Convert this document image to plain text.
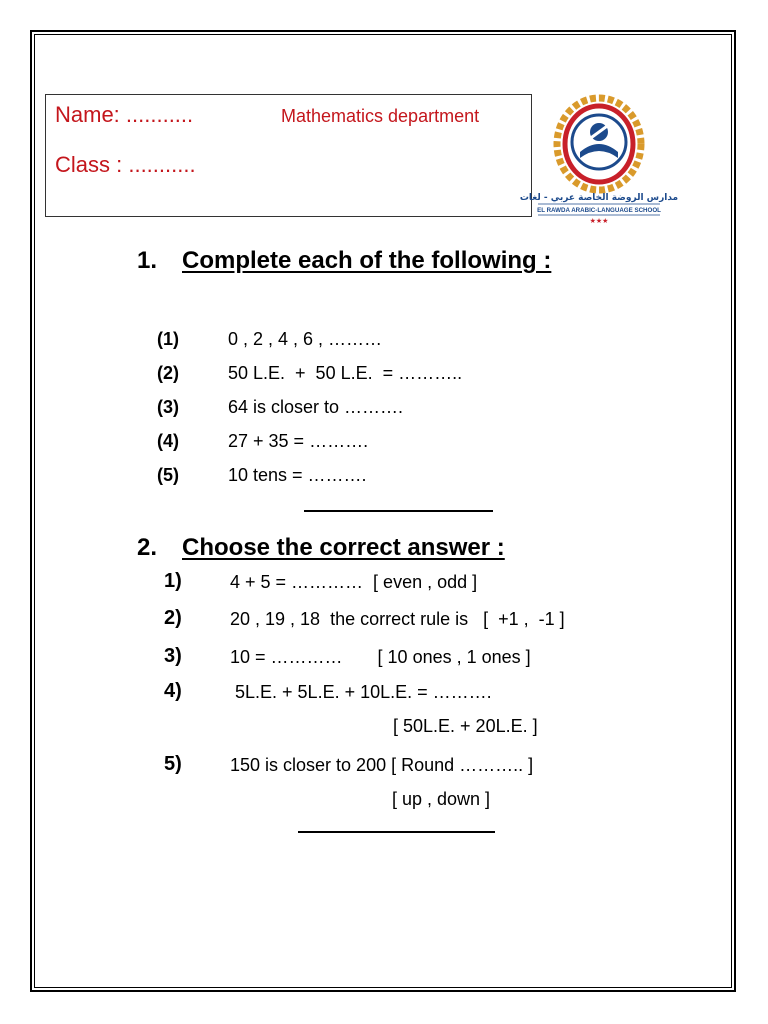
Name: ...........
Class : ...........
Mathematics department
مدارس الروضة الخاصة عربي - لغات
EL RAWDA ARABIC-LANGUAGE SCHOOL
★★★
1. Complete each of the following :
(1)	0 , 2 , 4 , 6 , ………
(2)	50 L.E.  +  50 L.E.  = ………..
(3)	64 is closer to ……….
(4)	27 + 35 = ……….
(5)	10 tens = ……….
2. Choose the correct answer :
1)	4 + 5 = …………  [ even , odd ]
2)	20 , 19 , 18  the correct rule is   [  +1 ,  -1 ]
3)	10 = …………       [ 10 ones , 1 ones ]
4)	5L.E. + 5L.E. + 10L.E. = ……….
[ 50L.E. + 20L.E. ]
5)	150 is closer to 200 [ Round ……….. ]
[ up , down ]
